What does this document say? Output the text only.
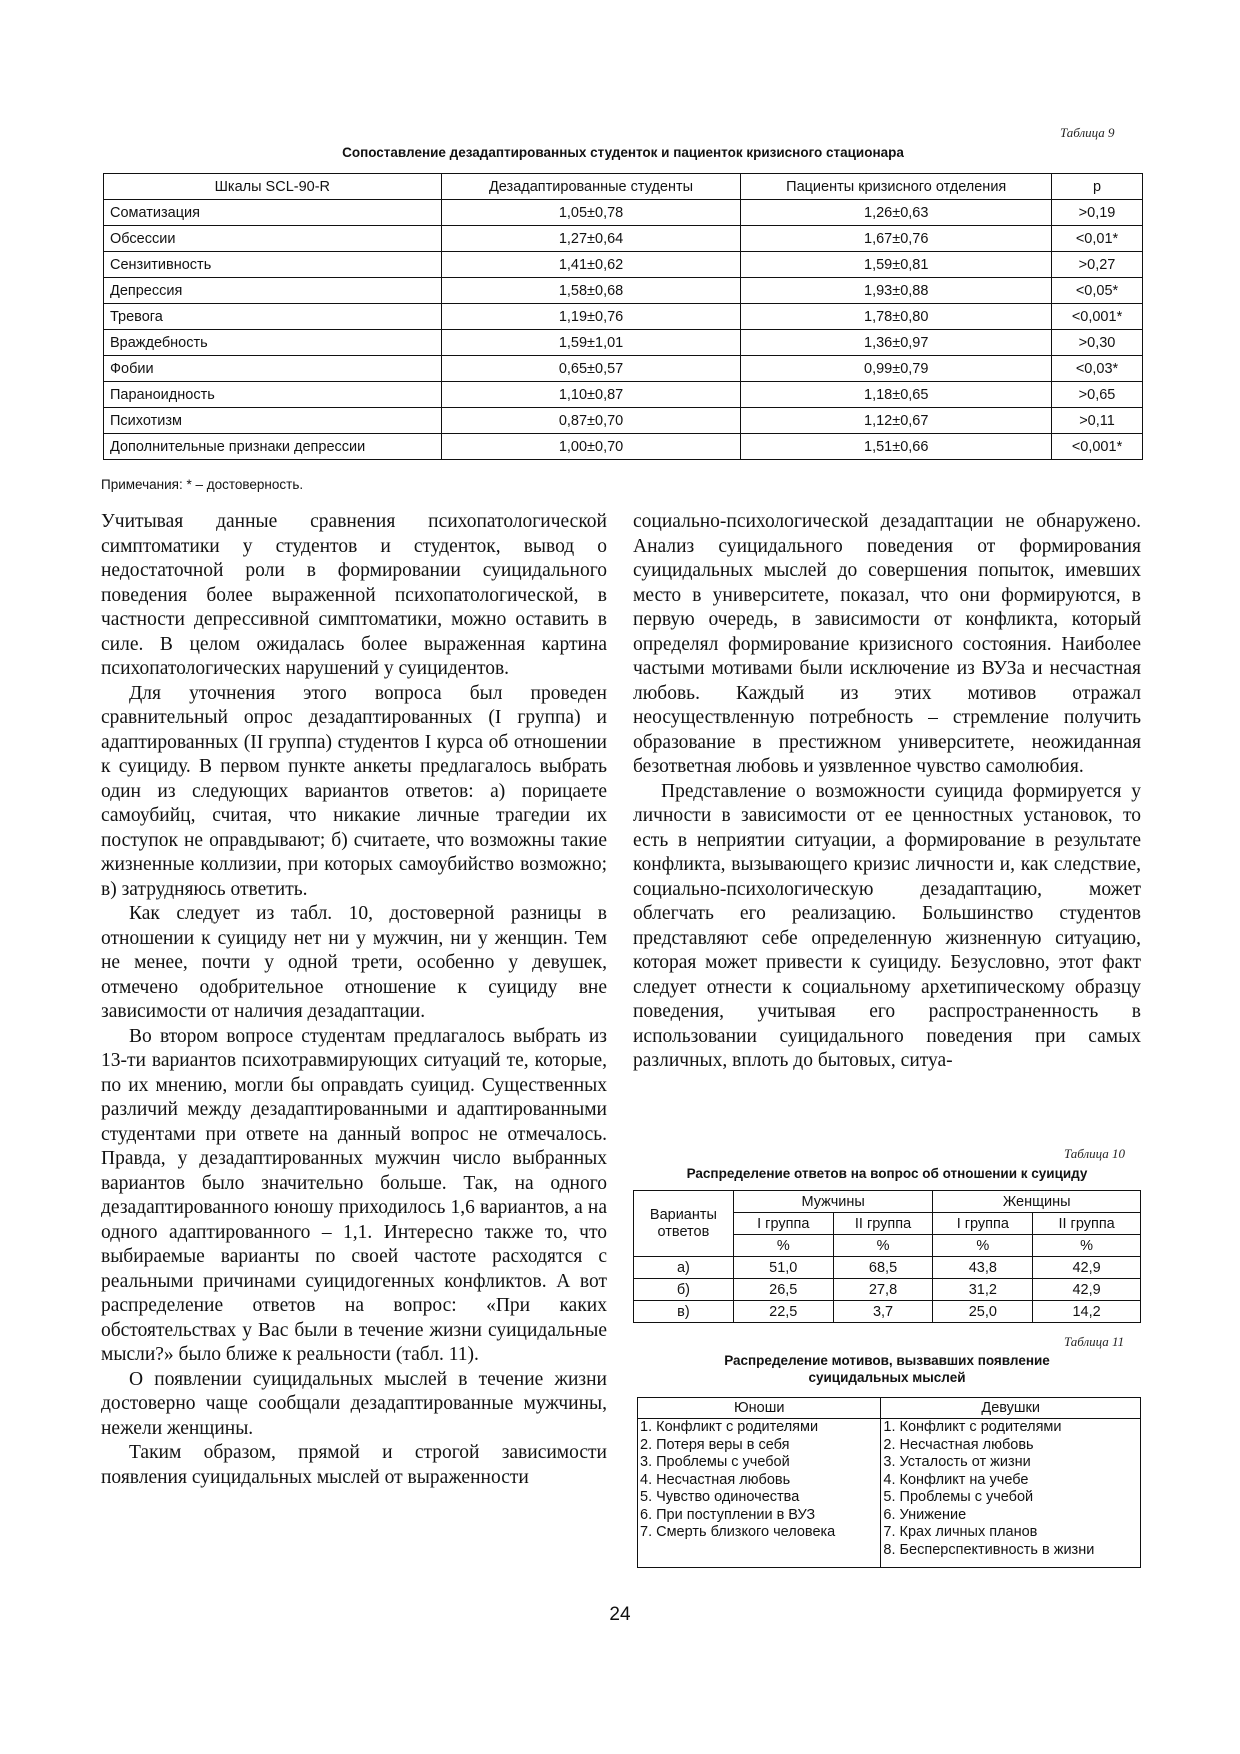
Таблица 9
Сопоставление дезадаптированных студенток и пациенток кризисного стационара
Шкалы SCL-90-R	Дезадаптированные студенты	Пациенты кризисного отделения	p
Соматизация	1,05±0,78	1,26±0,63	>0,19
Обсессии	1,27±0,64	1,67±0,76	<0,01*
Сензитивность	1,41±0,62	1,59±0,81	>0,27
Депрессия	1,58±0,68	1,93±0,88	<0,05*
Тревога	1,19±0,76	1,78±0,80	<0,001*
Враждебность	1,59±1,01	1,36±0,97	>0,30
Фобии	0,65±0,57	0,99±0,79	<0,03*
Параноидность	1,10±0,87	1,18±0,65	>0,65
Психотизм	0,87±0,70	1,12±0,67	>0,11
Дополнительные признаки депрессии	1,00±0,70	1,51±0,66	<0,001*
Примечания: * – достоверность.

Учитывая данные сравнения психопатологической симптоматики у студентов и студенток, вывод о недостаточной роли в формировании суицидального поведения более выраженной психопатологической, в частности депрессивной симптоматики, можно оставить в силе. В целом ожидалась более выраженная картина психопатологических нарушений у суицидентов.

Для уточнения этого вопроса был проведен сравнительный опрос дезадаптированных (I группа) и адаптированных (II группа) студентов I курса об отношении к суициду. В первом пункте анкеты предлагалось выбрать один из следующих вариантов ответов: а) порицаете самоубийц, считая, что никакие личные трагедии их поступок не оправдывают; б) считаете, что возможны такие жизненные коллизии, при которых самоубийство возможно; в) затрудняюсь ответить.

Как следует из табл. 10, достоверной разницы в отношении к суициду нет ни у мужчин, ни у женщин. Тем не менее, почти у одной трети, особенно у девушек, отмечено одобрительное отношение к суициду вне зависимости от наличия дезадаптации.

Во втором вопросе студентам предлагалось выбрать из 13-ти вариантов психотравмирующих ситуаций те, которые, по их мнению, могли бы оправдать суицид. Существенных различий между дезадаптированными и адаптированными студентами при ответе на данный вопрос не отмечалось. Правда, у дезадаптированных мужчин число выбранных вариантов было значительно больше. Так, на одного дезадаптированного юношу приходилось 1,6 вариантов, а на одного адаптированного – 1,1. Интересно также то, что выбираемые варианты по своей частоте расходятся с реальными причинами суицидогенных конфликтов. А вот распределение ответов на вопрос: «При каких обстоятельствах у Вас были в течение жизни суицидальные мысли?» было ближе к реальности (табл. 11).

О появлении суицидальных мыслей в течение жизни достоверно чаще сообщали дезадаптированные мужчины, нежели женщины.

Таким образом, прямой и строгой зависимости появления суицидальных мыслей от выраженности

социально-психологической дезадаптации не обнаружено. Анализ суицидального поведения от формирования суицидальных мыслей до совершения попыток, имевших место в университете, показал, что они формируются, в первую очередь, в зависимости от конфликта, который определял формирование кризисного состояния. Наиболее частыми мотивами были исключение из ВУЗа и несчастная любовь. Каждый из этих мотивов отражал неосуществленную потребность – стремление получить образование в престижном университете, неожиданная безответная любовь и уязвленное чувство самолюбия.

Представление о возможности суицида формируется у личности в зависимости от ее ценностных установок, то есть в неприятии ситуации, а формирование в результате конфликта, вызывающего кризис личности и, как следствие, социально-психологическую дезадаптацию, может облегчать его реализацию. Большинство студентов представляют себе определенную жизненную ситуацию, которая может привести к суициду. Безусловно, этот факт следует отнести к социальному архетипическому образцу поведения, учитывая его распространенность в использовании суицидального поведения при самых различных, вплоть до бытовых, ситуа-

Таблица 10
Распределение ответов на вопрос об отношении к суициду
Варианты ответов	Мужчины		Женщины	
	I группа	II группа	I группа	II группа
	%	%	%	%
а)	51,0	68,5	43,8	42,9
б)	26,5	27,8	31,2	42,9
в)	22,5	3,7	25,0	14,2
Таблица 11
Распределение мотивов, вызвавших появление
суицидальных мыслей
Юноши	Девушки

1. Конфликт с родителями
2. Потеря веры в себя
3. Проблемы с учебой
4. Несчастная любовь
5. Чувство одиночества
6. При поступлении в ВУЗ
7. Смерть близкого человека

1. Конфликт с родителями
2. Несчастная любовь
3. Усталость от жизни
4. Конфликт на учебе
5. Проблемы с учебой
6. Унижение
7. Крах личных планов
8. Бесперспективность в жизни
24
